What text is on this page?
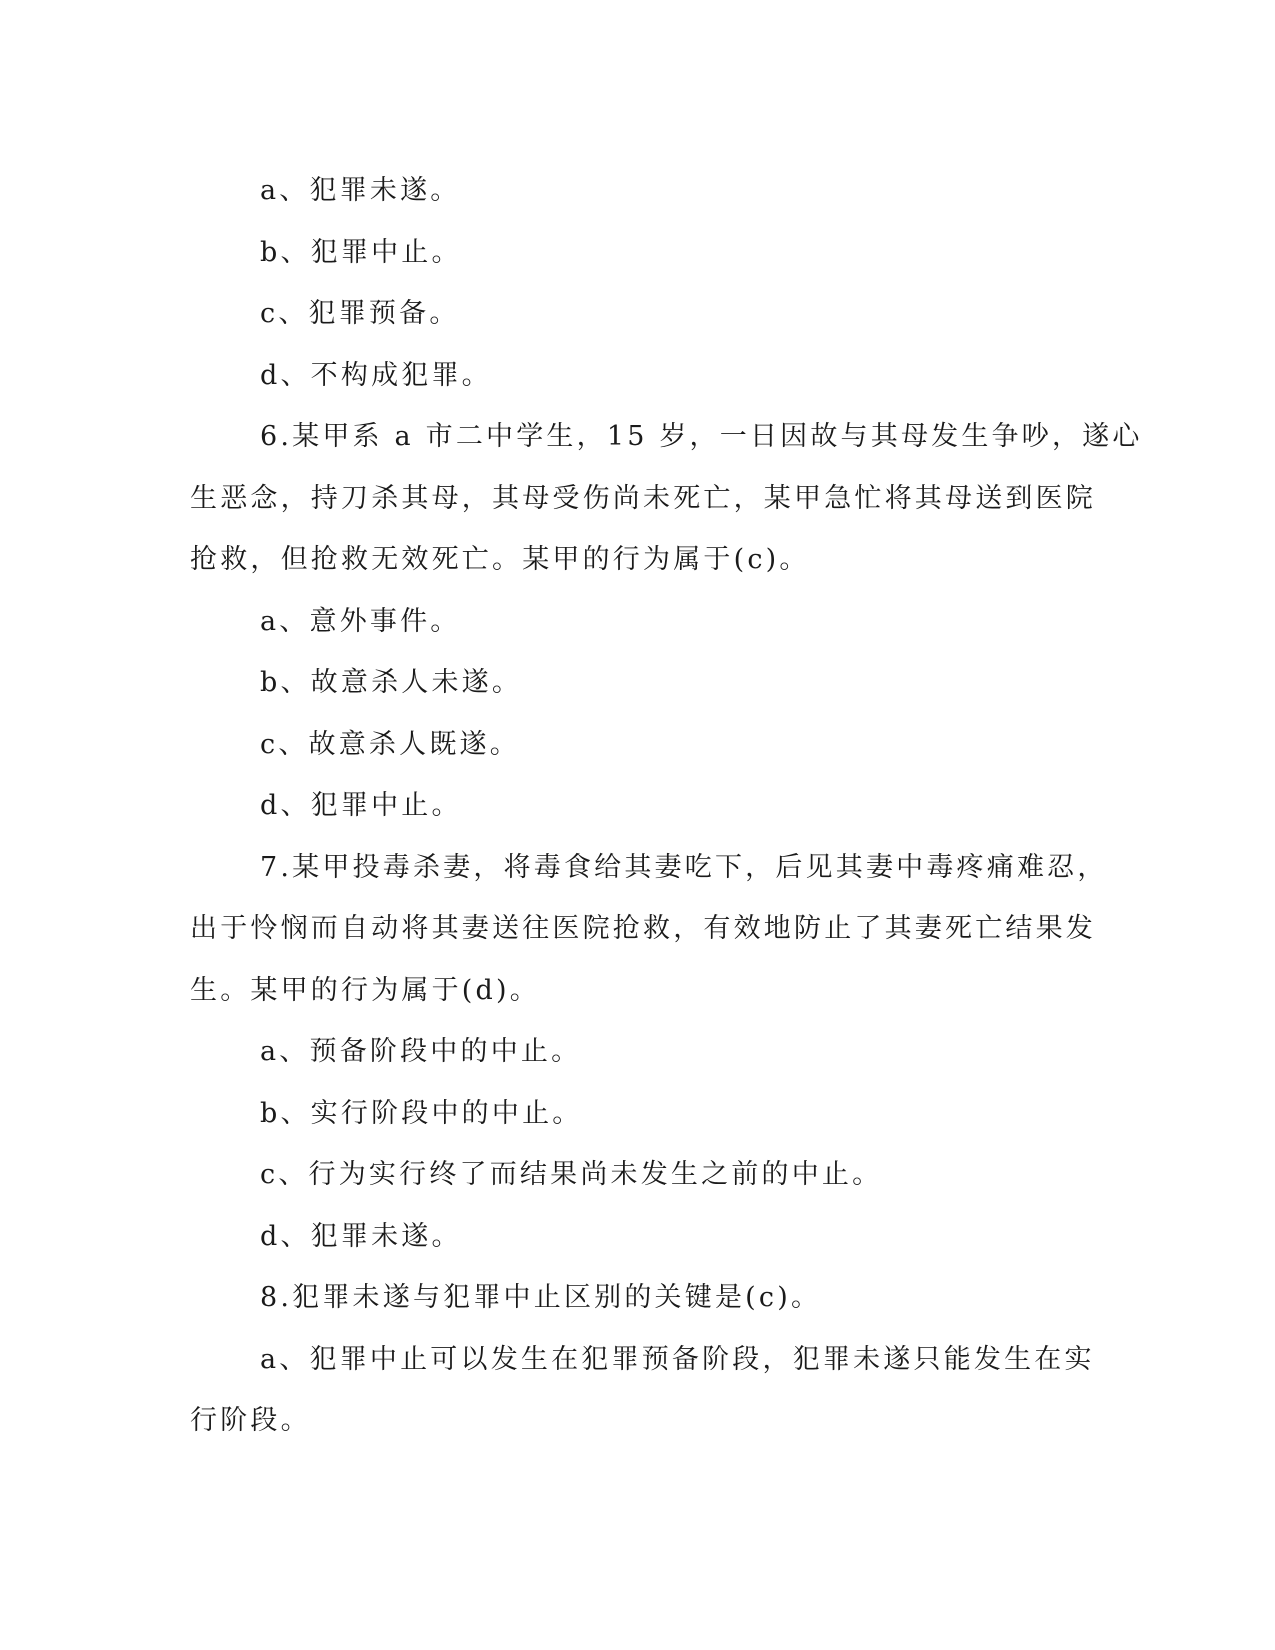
a、犯罪未遂。

b、犯罪中止。

c、犯罪预备。

d、不构成犯罪。

6.某甲系 a 市二中学生，15 岁，一日因故与其母发生争吵，遂心

生恶念，持刀杀其母，其母受伤尚未死亡，某甲急忙将其母送到医院

抢救，但抢救无效死亡。某甲的行为属于(c)。

a、意外事件。

b、故意杀人未遂。

c、故意杀人既遂。

d、犯罪中止。

7.某甲投毒杀妻，将毒食给其妻吃下，后见其妻中毒疼痛难忍，

出于怜悯而自动将其妻送往医院抢救，有效地防止了其妻死亡结果发

生。某甲的行为属于(d)。

a、预备阶段中的中止。

b、实行阶段中的中止。

c、行为实行终了而结果尚未发生之前的中止。

d、犯罪未遂。

8.犯罪未遂与犯罪中止区别的关键是(c)。

a、犯罪中止可以发生在犯罪预备阶段，犯罪未遂只能发生在实

行阶段。
